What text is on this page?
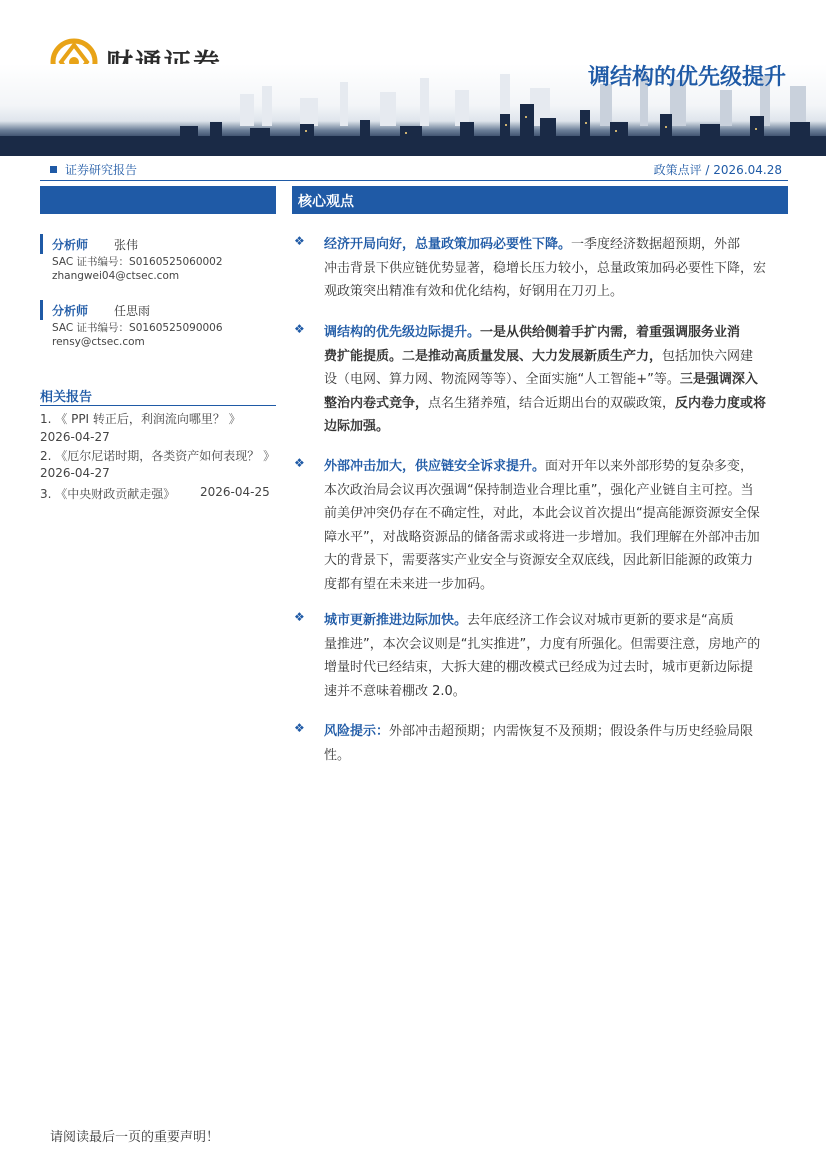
调结构的优先级提升
证券研究报告	政策点评 / 2026.04.28
核心观点
分析师 张伟
SAC 证书编号：S0160525060002
zhangwei04@ctsec.com
分析师 任思雨
SAC 证书编号：S0160525090006
rensy@ctsec.com
相关报告
1. 《 PPI 转正后，利润流向哪里？ 》
2026-04-27
2. 《厄尔尼诺时期，各类资产如何表现？ 》
2026-04-27
3. 《中央财政贡献走强》 2026-04-25
❖ 经济开局向好，总量政策加码必要性下降。一季度经济数据超预期，外部
冲击背景下供应链优势显著，稳增长压力较小，总量政策加码必要性下降，宏
观政策突出精准有效和优化结构，好钢用在刀刃上。
❖ 调结构的优先级边际提升。一是从供给侧着手扩内需，着重强调服务业消
费扩能提质。二是推动高质量发展、大力发展新质生产力，包括加快六网建
设（电网、算力网、物流网等等）、全面实施“人工智能+”等。三是强调深入
整治内卷式竞争，点名生猪养殖，结合近期出台的双碳政策，反内卷力度或将
边际加强。
❖ 外部冲击加大，供应链安全诉求提升。面对开年以来外部形势的复杂多变，
本次政治局会议再次强调“保持制造业合理比重”，强化产业链自主可控。当
前美伊冲突仍存在不确定性，对此，本此会议首次提出“提高能源资源安全保
障水平”，对战略资源品的储备需求或将进一步增加。我们理解在外部冲击加
大的背景下，需要落实产业安全与资源安全双底线，因此新旧能源的政策力
度都有望在未来进一步加码。
❖ 城市更新推进边际加快。去年底经济工作会议对城市更新的要求是“高质
量推进”，本次会议则是“扎实推进”，力度有所强化。但需要注意，房地产的
增量时代已经结束，大拆大建的棚改模式已经成为过去时，城市更新边际提
速并不意味着棚改 2.0。
❖ 风险提示：外部冲击超预期；内需恢复不及预期；假设条件与历史经验局限
性。
请阅读最后一页的重要声明！
